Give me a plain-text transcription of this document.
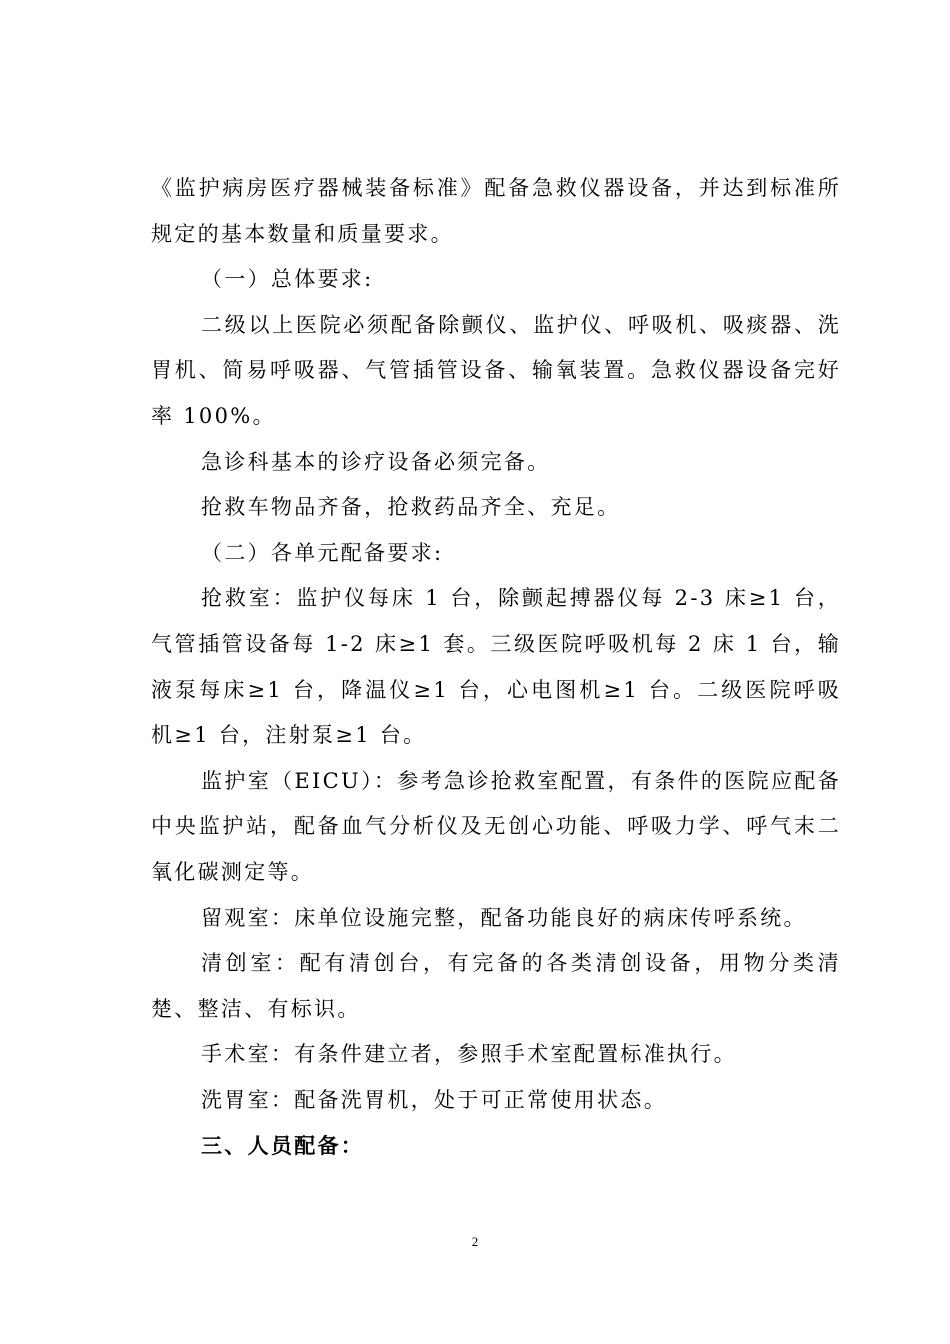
《监护病房医疗器械装备标准》配备急救仪器设备，并达到标准所规定的基本数量和质量要求。

（一）总体要求:

二级以上医院必须配备除颤仪、监护仪、呼吸机、吸痰器、洗胃机、简易呼吸器、气管插管设备、输氧装置。急救仪器设备完好率 100%。

急诊科基本的诊疗设备必须完备。

抢救车物品齐备，抢救药品齐全、充足。

（二）各单元配备要求:

抢救室：监护仪每床 1 台，除颤起搏器仪每 2-3 床≥1 台，气管插管设备每 1-2 床≥1 套。三级医院呼吸机每 2 床 1 台，输液泵每床≥1 台，降温仪≥1 台，心电图机≥1 台。二级医院呼吸机≥1 台，注射泵≥1 台。

监护室（EICU）：参考急诊抢救室配置，有条件的医院应配备中央监护站，配备血气分析仪及无创心功能、呼吸力学、呼气末二氧化碳测定等。

留观室：床单位设施完整，配备功能良好的病床传呼系统。

清创室：配有清创台，有完备的各类清创设备，用物分类清楚、整洁、有标识。

手术室：有条件建立者，参照手术室配置标准执行。

洗胃室：配备洗胃机，处于可正常使用状态。

三、人员配备：

2
